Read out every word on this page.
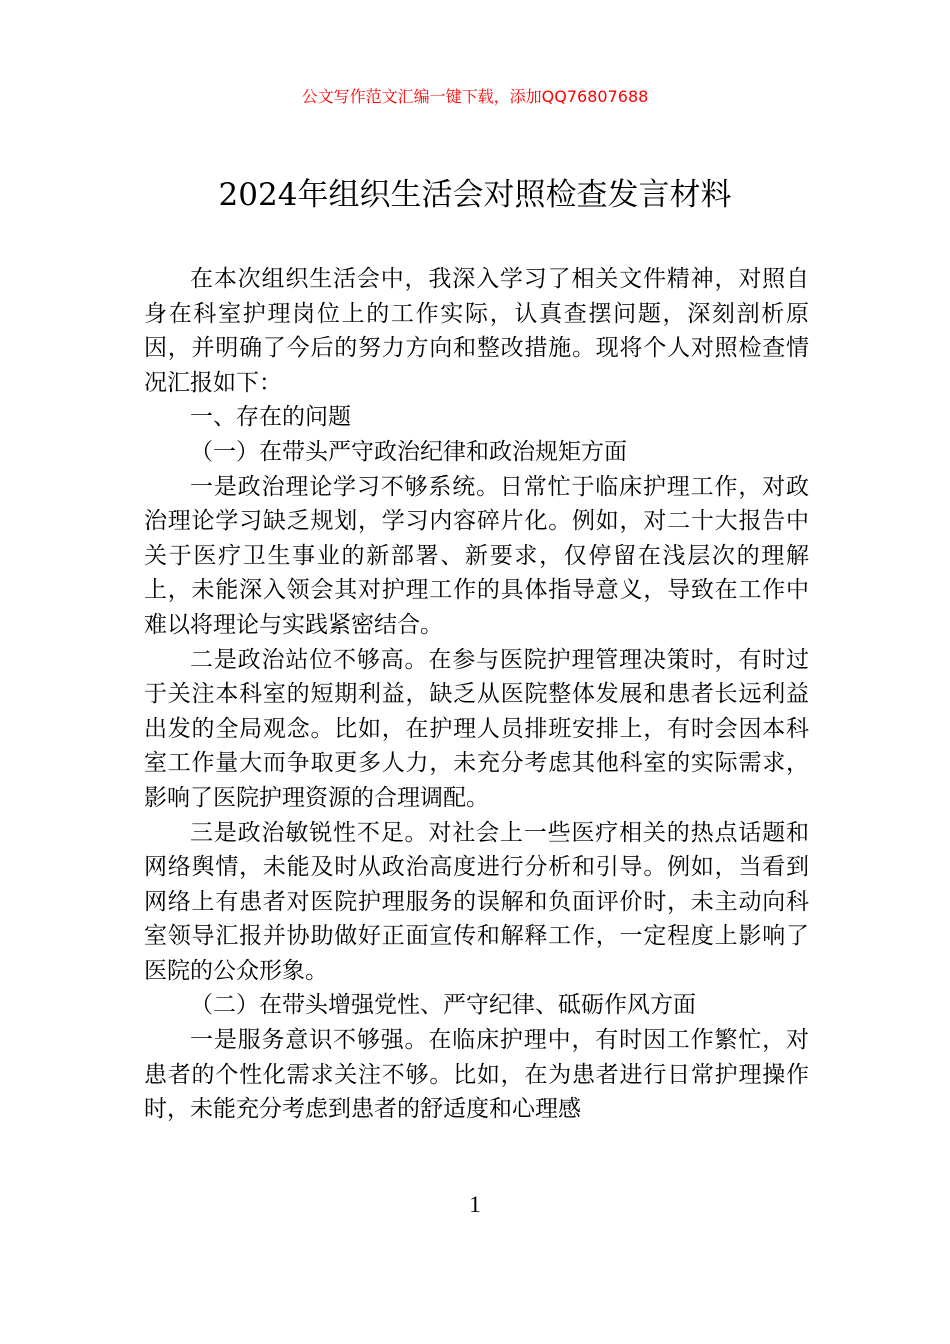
公文写作范文汇编一键下载，添加QQ76807688
2024年组织生活会对照检查发言材料

在本次组织生活会中，我深入学习了相关文件精神，对照自身在科室护理岗位上的工作实际，认真查摆问题，深刻剖析原因，并明确了今后的努力方向和整改措施。现将个人对照检查情况汇报如下：

一、存在的问题

（一）在带头严守政治纪律和政治规矩方面

一是政治理论学习不够系统。日常忙于临床护理工作，对政治理论学习缺乏规划，学习内容碎片化。例如，对二十大报告中关于医疗卫生事业的新部署、新要求，仅停留在浅层次的理解上，未能深入领会其对护理工作的具体指导意义，导致在工作中难以将理论与实践紧密结合。

二是政治站位不够高。在参与医院护理管理决策时，有时过于关注本科室的短期利益，缺乏从医院整体发展和患者长远利益出发的全局观念。比如，在护理人员排班安排上，有时会因本科室工作量大而争取更多人力，未充分考虑其他科室的实际需求，影响了医院护理资源的合理调配。

三是政治敏锐性不足。对社会上一些医疗相关的热点话题和网络舆情，未能及时从政治高度进行分析和引导。例如，当看到网络上有患者对医院护理服务的误解和负面评价时，未主动向科室领导汇报并协助做好正面宣传和解释工作，一定程度上影响了医院的公众形象。

（二）在带头增强党性、严守纪律、砥砺作风方面

一是服务意识不够强。在临床护理中，有时因工作繁忙，对患者的个性化需求关注不够。比如，在为患者进行日常护理操作时，未能充分考虑到患者的舒适度和心理感

1
